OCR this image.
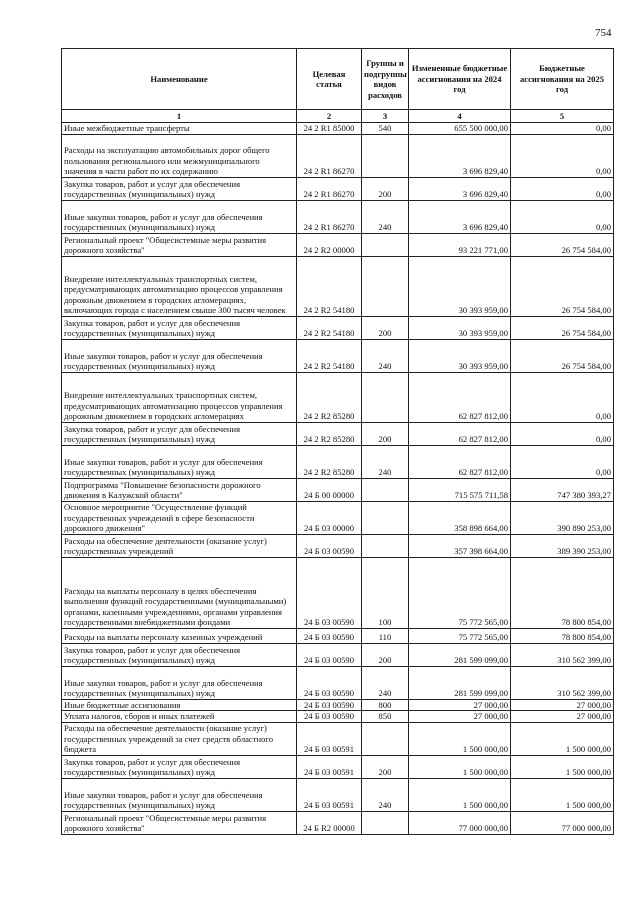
754
Наименование	Целевая статья	Группы и подгруппы видов расходов	Измененные бюджетные ассигнования на 2024 год	Бюджетные ассигнования на 2025 год
1	2	3	4	5
Иные межбюджетные трансферты	24 2 R1 85000	540	655 500 000,00	0,00
Расходы на эксплуатацию автомобильных дорог общего пользования регионального или межмуниципального значения в части работ по их содержанию	24 2 R1 86270		3 696 829,40	0,00
Закупка товаров, работ и услуг для обеспечения государственных (муниципальных) нужд	24 2 R1 86270	200	3 696 829,40	0,00
Иные закупки товаров, работ и услуг для обеспечения государственных (муниципальных) нужд	24 2 R1 86270	240	3 696 829,40	0,00
Региональный проект "Общесистемные меры развития дорожного хозяйства"	24 2 R2 00000		93 221 771,00	26 754 584,00
Внедрение интеллектуальных транспортных систем, предусматривающих автоматизацию процессов управления дорожным движением в городских агломерациях, включающих города с населением свыше 300 тысяч человек	24 2 R2 54180		30 393 959,00	26 754 584,00
Закупка товаров, работ и услуг для обеспечения государственных (муниципальных) нужд	24 2 R2 54180	200	30 393 959,00	26 754 584,00
Иные закупки товаров, работ и услуг для обеспечения государственных (муниципальных) нужд	24 2 R2 54180	240	30 393 959,00	26 754 584,00
Внедрение интеллектуальных транспортных систем, предусматривающих автоматизацию процессов управления дорожным движением в городских агломерациях	24 2 R2 85280		62 827 812,00	0,00
Закупка товаров, работ и услуг для обеспечения государственных (муниципальных) нужд	24 2 R2 85280	200	62 827 812,00	0,00
Иные закупки товаров, работ и услуг для обеспечения государственных (муниципальных) нужд	24 2 R2 85280	240	62 827 812,00	0,00
Подпрограмма "Повышение безопасности дорожного движения в Калужской области"	24 Б 00 00000		715 575 711,58	747 380 393,27
Основное мероприятие "Осуществление функций государственных учреждений в сфере безопасности дорожного движения"	24 Б 03 00000		358 898 664,00	390 890 253,00
Расходы на обеспечение деятельности (оказание услуг) государственных учреждений	24 Б 03 00590		357 398 664,00	389 390 253,00
Расходы на выплаты персоналу в целях обеспечения выполнения функций государственными (муниципальными) органами, казенными учреждениями, органами управления государственными внебюджетными фондами	24 Б 03 00590	100	75 772 565,00	78 800 854,00
Расходы на выплаты персоналу казенных учреждений	24 Б 03 00590	110	75 772 565,00	78 800 854,00
Закупка товаров, работ и услуг для обеспечения государственных (муниципальных) нужд	24 Б 03 00590	200	281 599 099,00	310 562 399,00
Иные закупки товаров, работ и услуг для обеспечения государственных (муниципальных) нужд	24 Б 03 00590	240	281 599 099,00	310 562 399,00
Иные бюджетные ассигнования	24 Б 03 00590	800	27 000,00	27 000,00
Уплата налогов, сборов и иных платежей	24 Б 03 00590	850	27 000,00	27 000,00
Расходы на обеспечение деятельности (оказание услуг) государственных учреждений за счет средств областного бюджета	24 Б 03 00591		1 500 000,00	1 500 000,00
Закупка товаров, работ и услуг для обеспечения государственных (муниципальных) нужд	24 Б 03 00591	200	1 500 000,00	1 500 000,00
Иные закупки товаров, работ и услуг для обеспечения государственных (муниципальных) нужд	24 Б 03 00591	240	1 500 000,00	1 500 000,00
Региональный проект "Общесистемные меры развития дорожного хозяйства"	24 Б R2 00000		77 000 000,00	77 000 000,00
